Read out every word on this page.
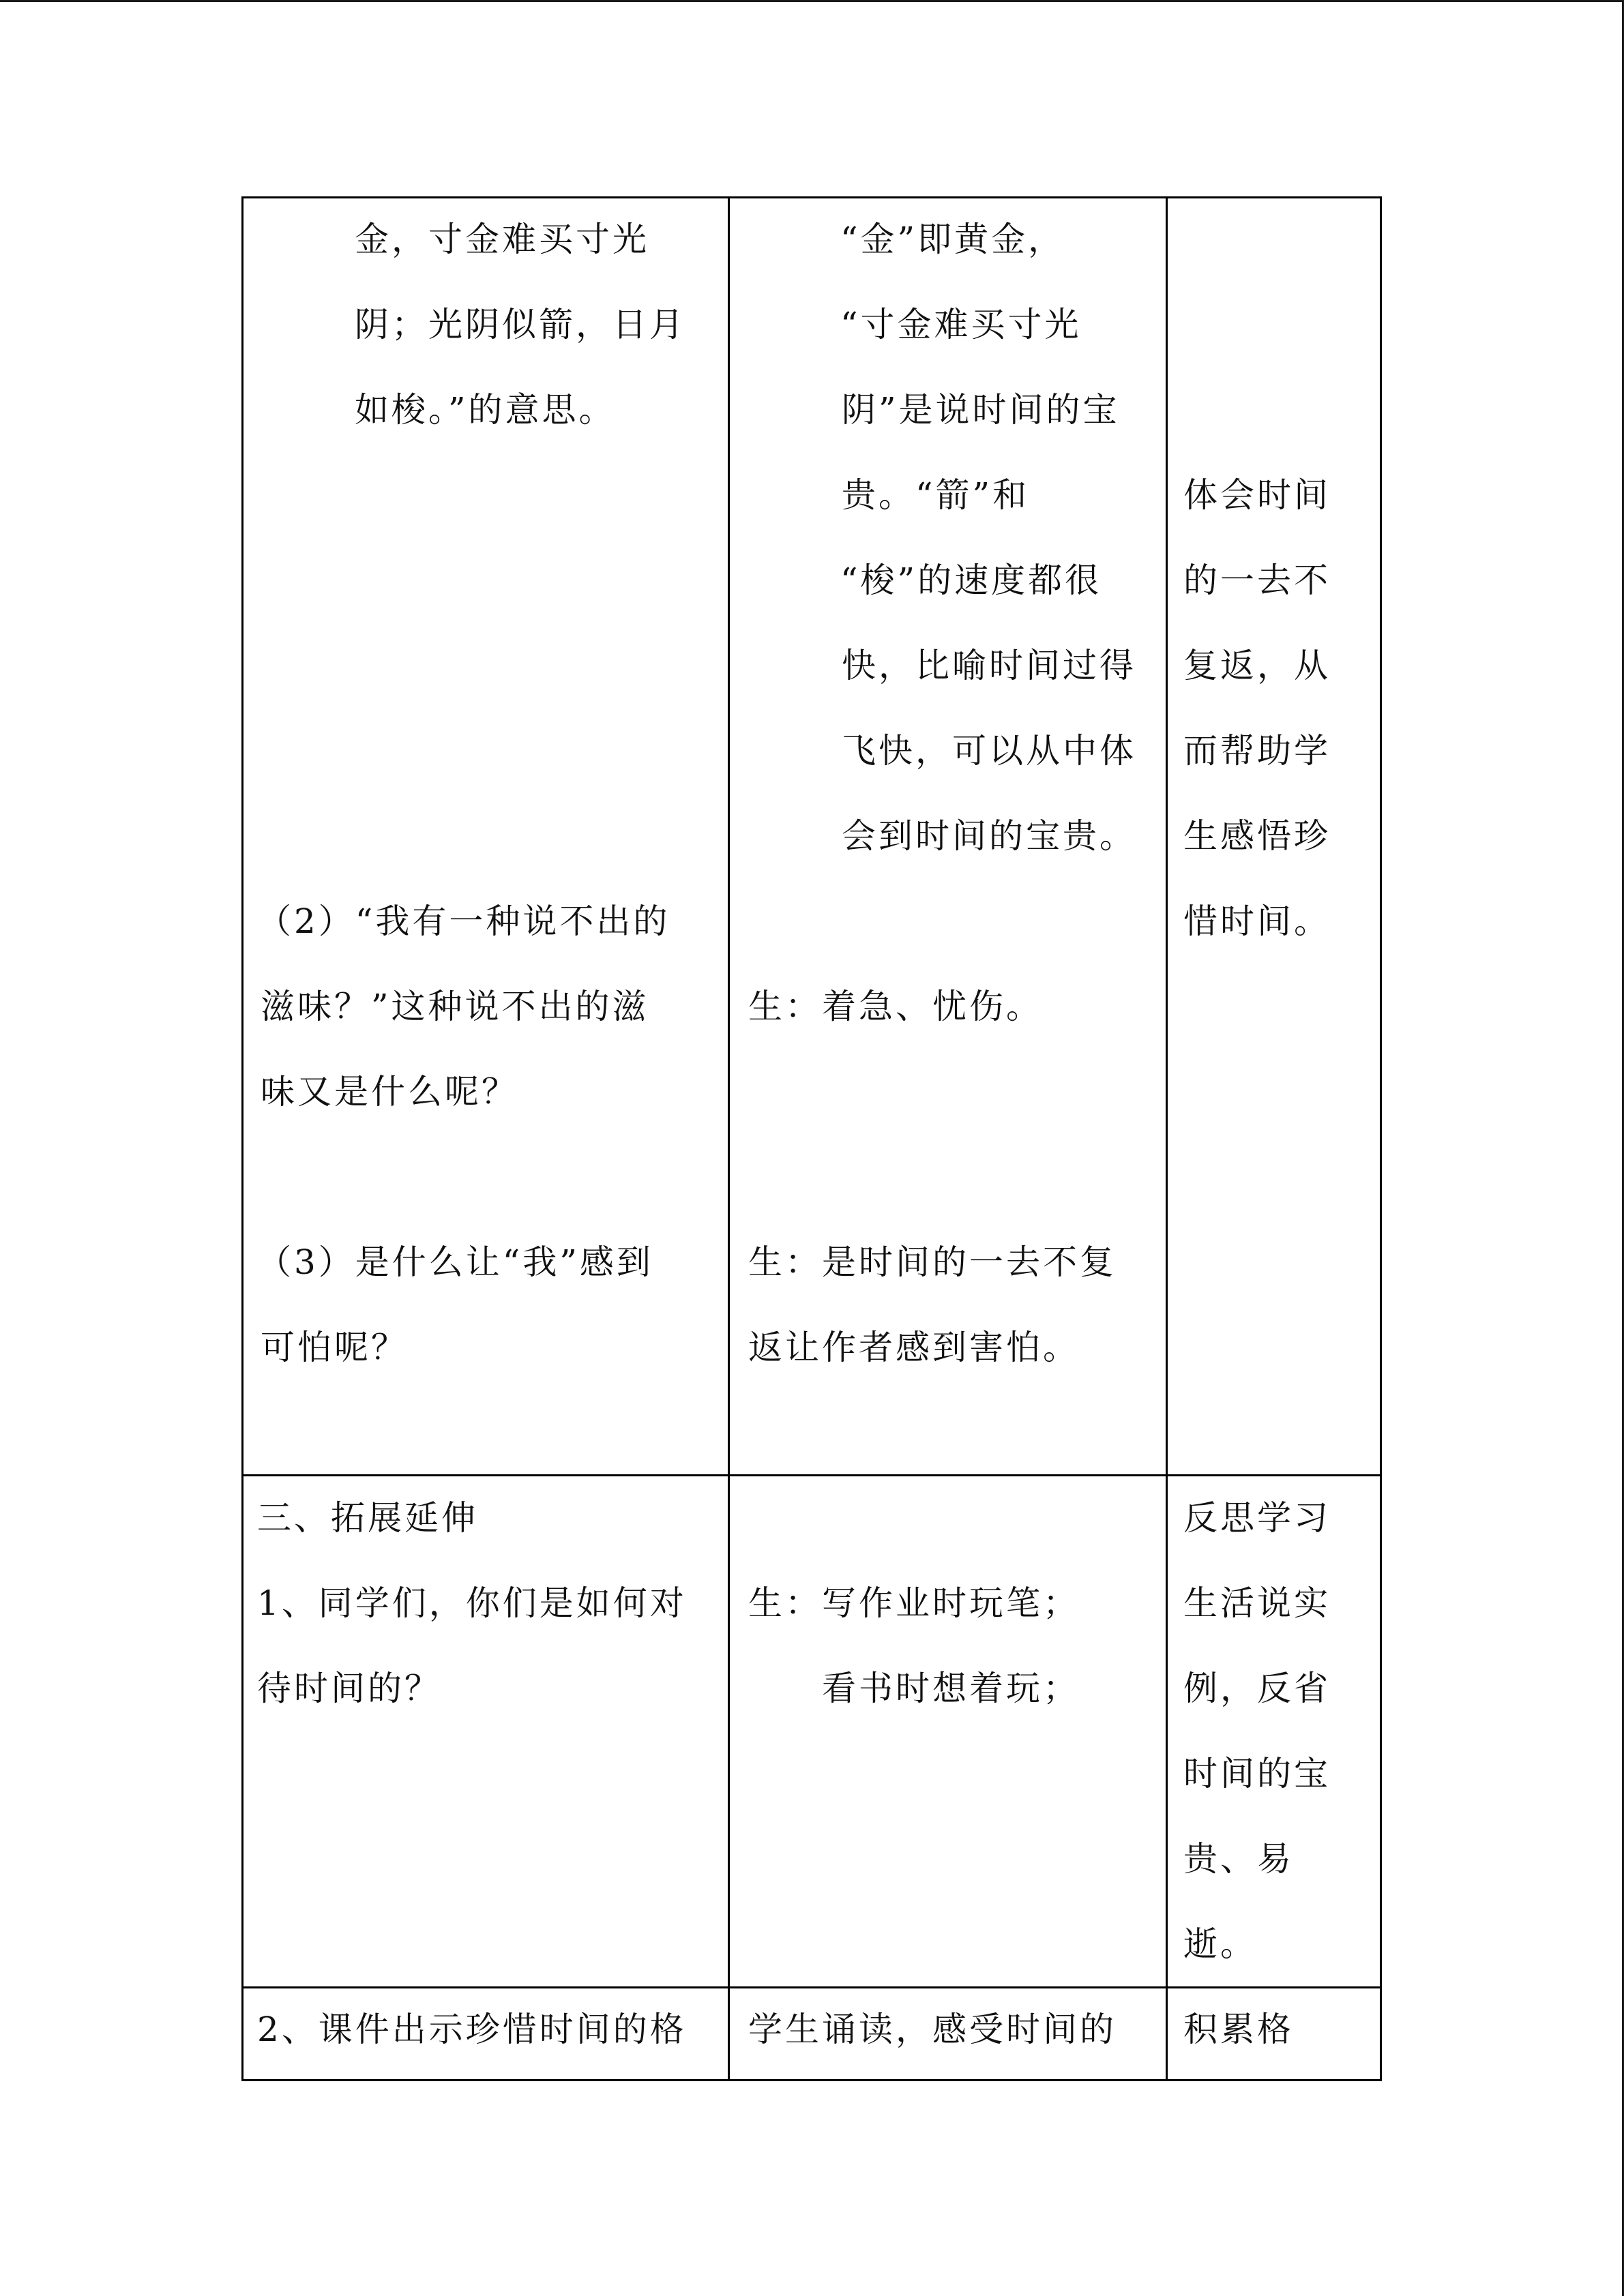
金，寸金难买寸光
阴；光阴似箭，日月
如梭。”的意思。
（2）“我有一种说不出的
滋味？”这种说不出的滋
味又是什么呢？
（3）是什么让“我”感到
可怕呢？
“金”即黄金，
“寸金难买寸光
阴”是说时间的宝
贵。“箭”和
“梭”的速度都很
快，比喻时间过得
飞快，可以从中体
会到时间的宝贵。
生：着急、忧伤。
生：是时间的一去不复
返让作者感到害怕。
体会时间
的一去不
复返，从
而帮助学
生感悟珍
惜时间。
三、拓展延伸
1、同学们，你们是如何对
待时间的？
生：写作业时玩笔；
看书时想着玩；
反思学习
生活说实
例，反省
时间的宝
贵、易
逝。
2、课件出示珍惜时间的格 学生诵读，感受时间的 积累格
